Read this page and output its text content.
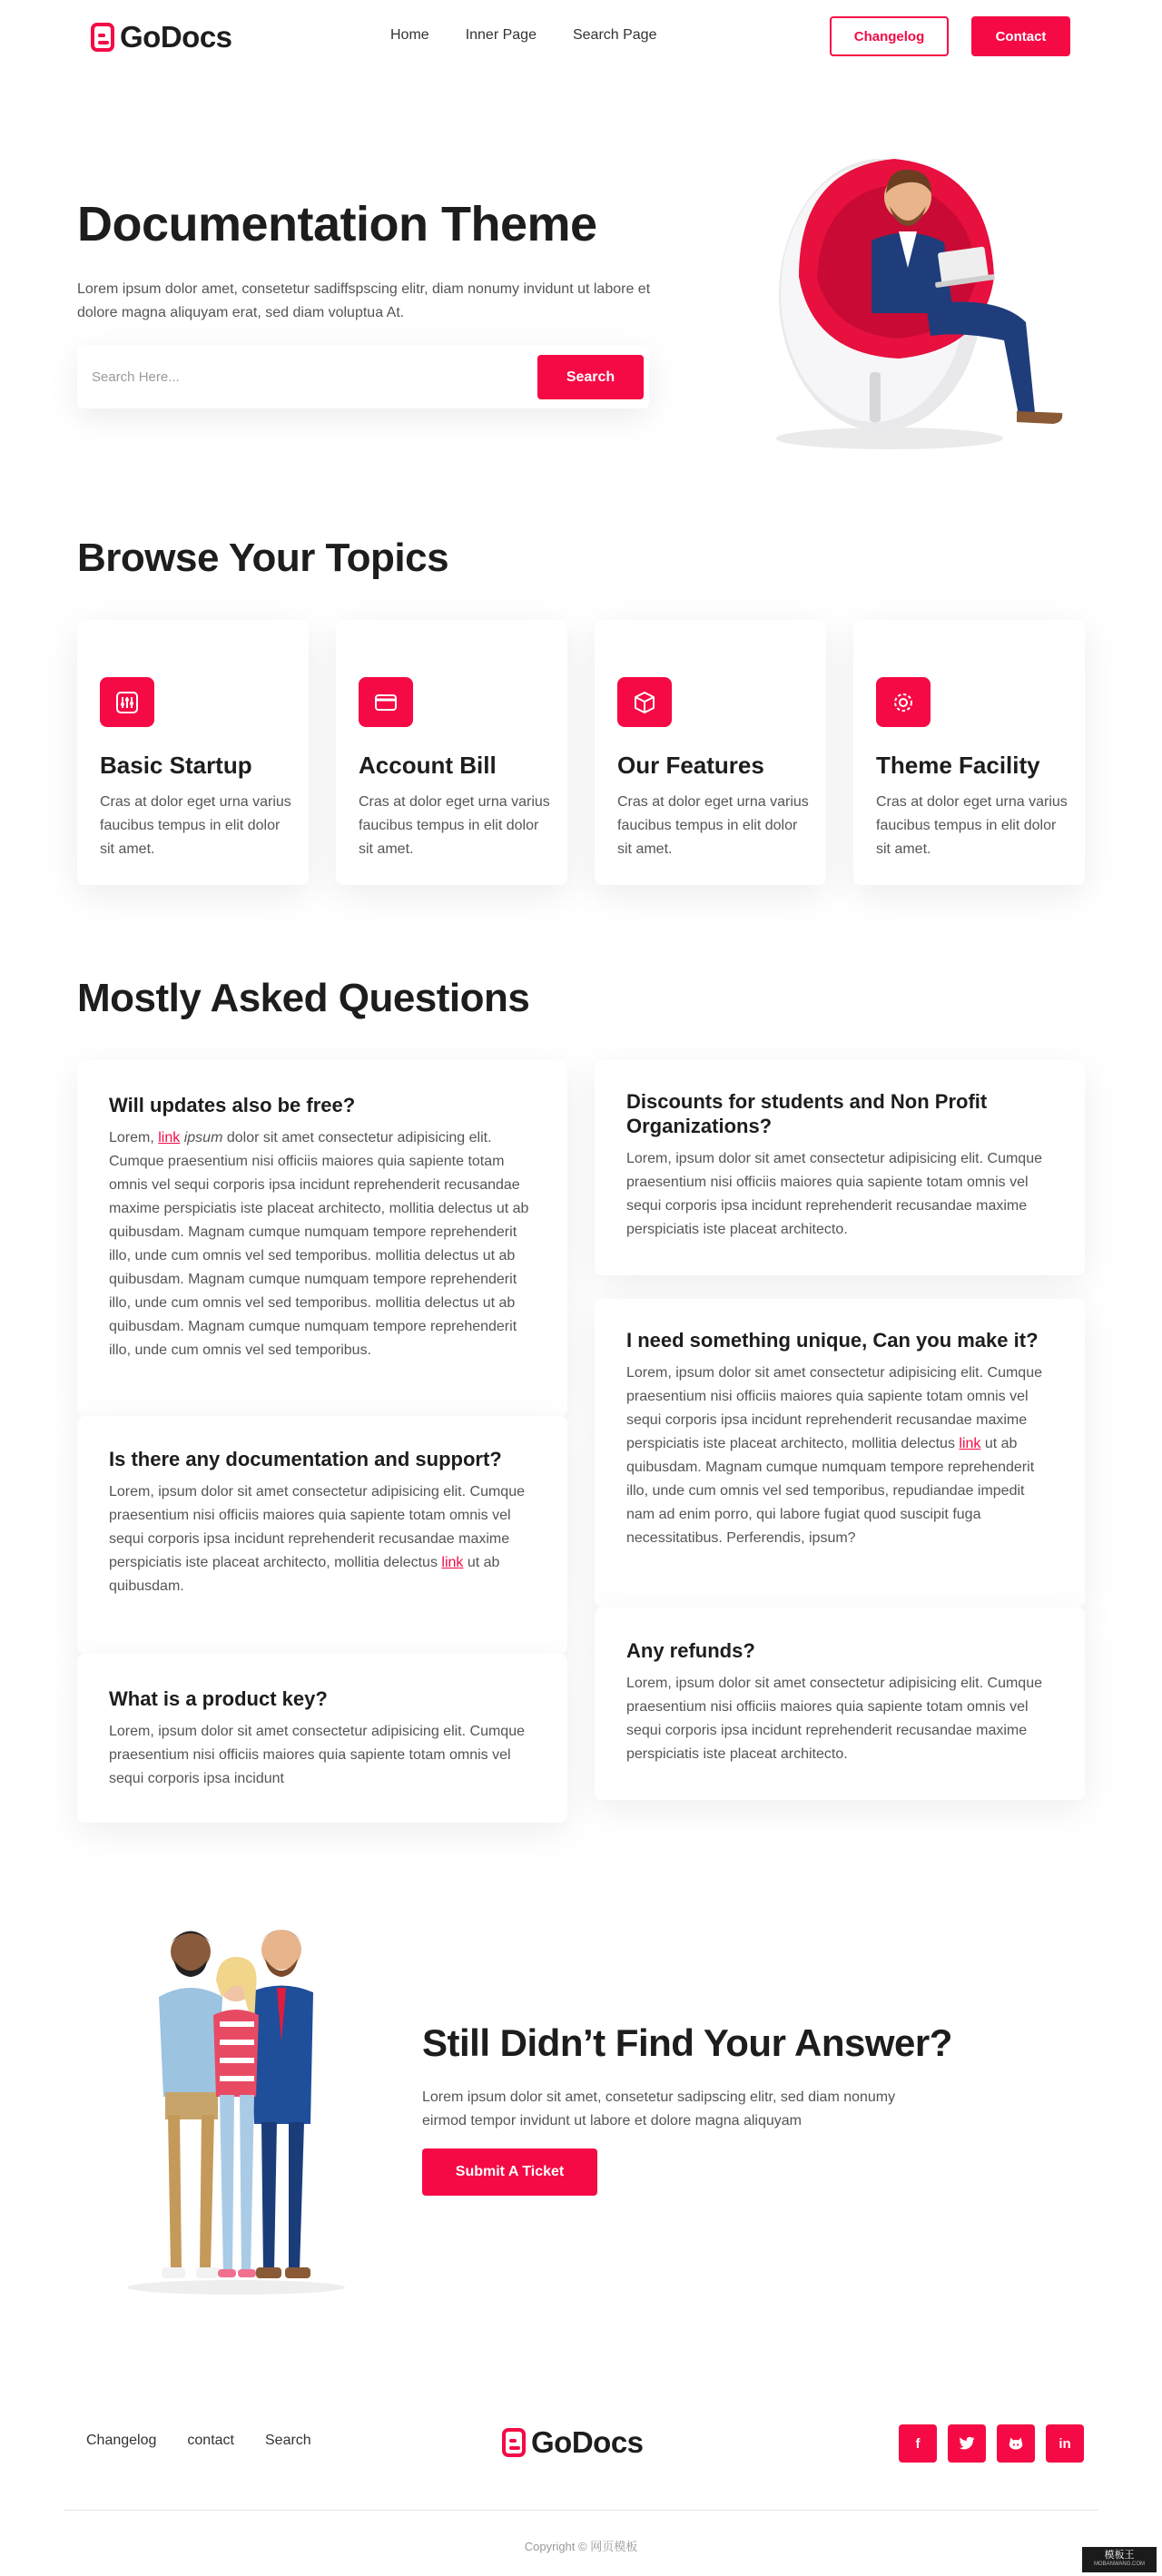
GoDocs	Home	Inner Page	Search Page	Changelog	Contact
Documentation Theme

Lorem ipsum dolor amet, consetetur sadiffspscing elitr, diam nonumy invidunt ut labore et dolore magna aliquyam erat, sed diam voluptua At.

Search Here...	Search
Browse Your Topics
Basic Startup
Cras at dolor eget urna varius faucibus tempus in elit dolor sit amet.
Account Bill
Cras at dolor eget urna varius faucibus tempus in elit dolor sit amet.
Our Features
Cras at dolor eget urna varius faucibus tempus in elit dolor sit amet.
Theme Facility
Cras at dolor eget urna varius faucibus tempus in elit dolor sit amet.
Mostly Asked Questions
Will updates also be free?
Lorem, link ipsum dolor sit amet consectetur adipisicing elit. Cumque praesentium nisi officiis maiores quia sapiente totam omnis vel sequi corporis ipsa incidunt reprehenderit recusandae maxime perspiciatis iste placeat architecto, mollitia delectus ut ab quibusdam. Magnam cumque numquam tempore reprehenderit illo, unde cum omnis vel sed temporibus. mollitia delectus ut ab quibusdam. Magnam cumque numquam tempore reprehenderit illo, unde cum omnis vel sed temporibus. mollitia delectus ut ab quibusdam. Magnam cumque numquam tempore reprehenderit illo, unde cum omnis vel sed temporibus.
Is there any documentation and support?
Lorem, ipsum dolor sit amet consectetur adipisicing elit. Cumque praesentium nisi officiis maiores quia sapiente totam omnis vel sequi corporis ipsa incidunt reprehenderit recusandae maxime perspiciatis iste placeat architecto, mollitia delectus link ut ab quibusdam.
What is a product key?
Lorem, ipsum dolor sit amet consectetur adipisicing elit. Cumque praesentium nisi officiis maiores quia sapiente totam omnis vel sequi corporis ipsa incidunt
Discounts for students and Non Profit Organizations?
Lorem, ipsum dolor sit amet consectetur adipisicing elit. Cumque praesentium nisi officiis maiores quia sapiente totam omnis vel sequi corporis ipsa incidunt reprehenderit recusandae maxime perspiciatis iste placeat architecto.
I need something unique, Can you make it?
Lorem, ipsum dolor sit amet consectetur adipisicing elit. Cumque praesentium nisi officiis maiores quia sapiente totam omnis vel sequi corporis ipsa incidunt reprehenderit recusandae maxime perspiciatis iste placeat architecto, mollitia delectus link ut ab quibusdam. Magnam cumque numquam tempore reprehenderit illo, unde cum omnis vel sed temporibus, repudiandae impedit nam ad enim porro, qui labore fugiat quod suscipit fuga necessitatibus. Perferendis, ipsum?
Any refunds?
Lorem, ipsum dolor sit amet consectetur adipisicing elit. Cumque praesentium nisi officiis maiores quia sapiente totam omnis vel sequi corporis ipsa incidunt reprehenderit recusandae maxime perspiciatis iste placeat architecto.
Still Didn’t Find Your Answer?

Lorem ipsum dolor sit amet, consetetur sadipscing elitr, sed diam nonumy eirmod tempor invidunt ut labore et dolore magna aliquyam

Submit A Ticket
Changelog contact Search	GoDocs	f	in
Copyright © 网页模板
模板王
MOBANWANG.COM
